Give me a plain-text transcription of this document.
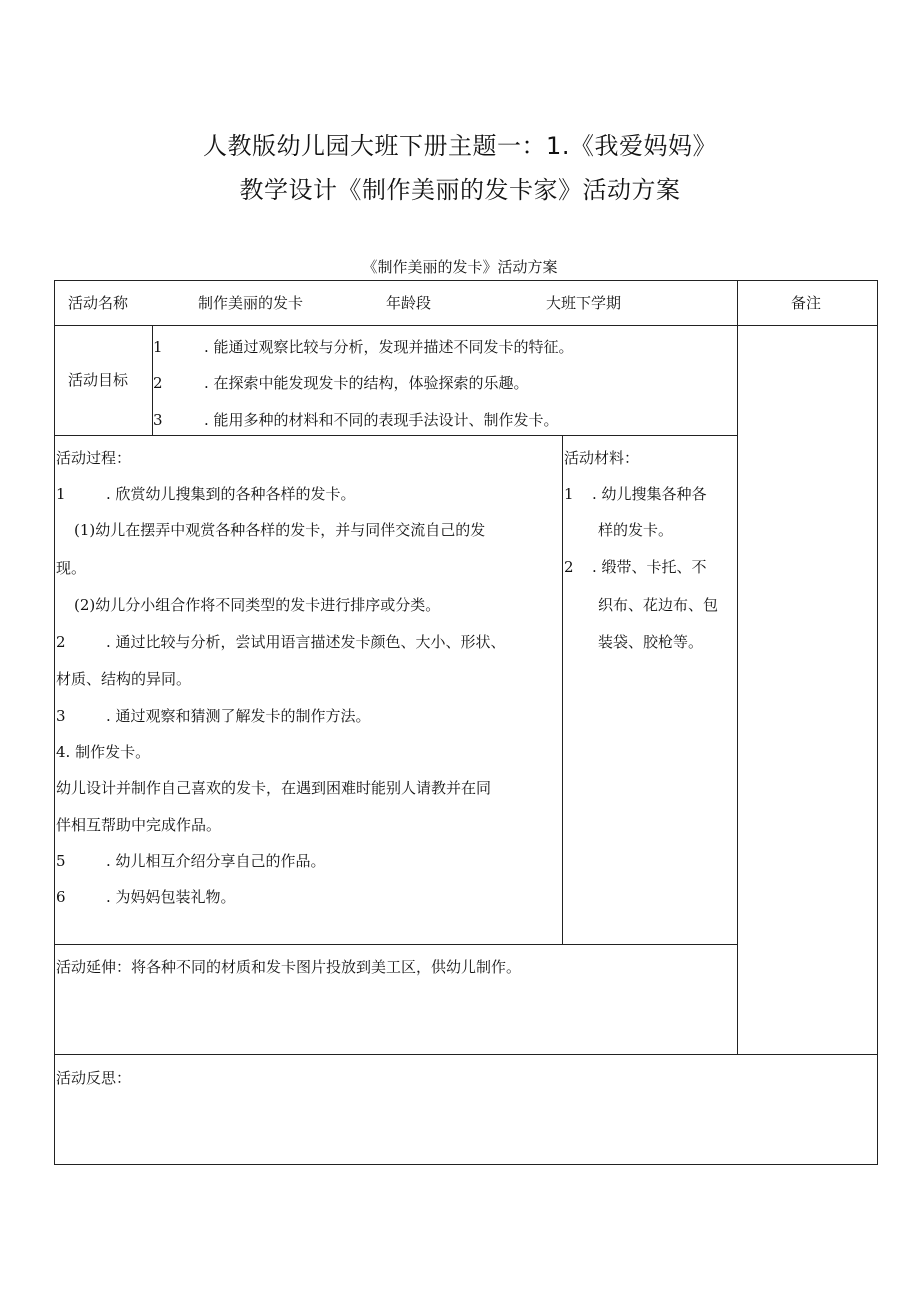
人教版幼儿园大班下册主题一：1.《我爱妈妈》
教学设计《制作美丽的发卡家》活动方案
《制作美丽的发卡》活动方案
活动名称	制作美丽的发卡	年龄段	大班下学期	备注
活动目标
1	. 能通过观察比较与分析，发现并描述不同发卡的特征。
2	. 在探索中能发现发卡的结构，体验探索的乐趣。
3	. 能用多种的材料和不同的表现手法设计、制作发卡。
活动过程：
1	. 欣赏幼儿搜集到的各种各样的发卡。
(1)幼儿在摆弄中观赏各种各样的发卡，并与同伴交流自己的发
现。
(2)幼儿分小组合作将不同类型的发卡进行排序或分类。
2	. 通过比较与分析，尝试用语言描述发卡颜色、大小、形状、
材质、结构的异同。
3	. 通过观察和猜测了解发卡的制作方法。
4. 制作发卡。
幼儿设计并制作自己喜欢的发卡，在遇到困难时能别人请教并在同
伴相互帮助中完成作品。
5	. 幼儿相互介绍分享自己的作品。
6	. 为妈妈包装礼物。
活动材料：
1 . 幼儿搜集各种各
样的发卡。
2 . 缎带、卡托、不
织布、花边布、包
装袋、胶枪等。
活动延伸：将各种不同的材质和发卡图片投放到美工区，供幼儿制作。
活动反思：
